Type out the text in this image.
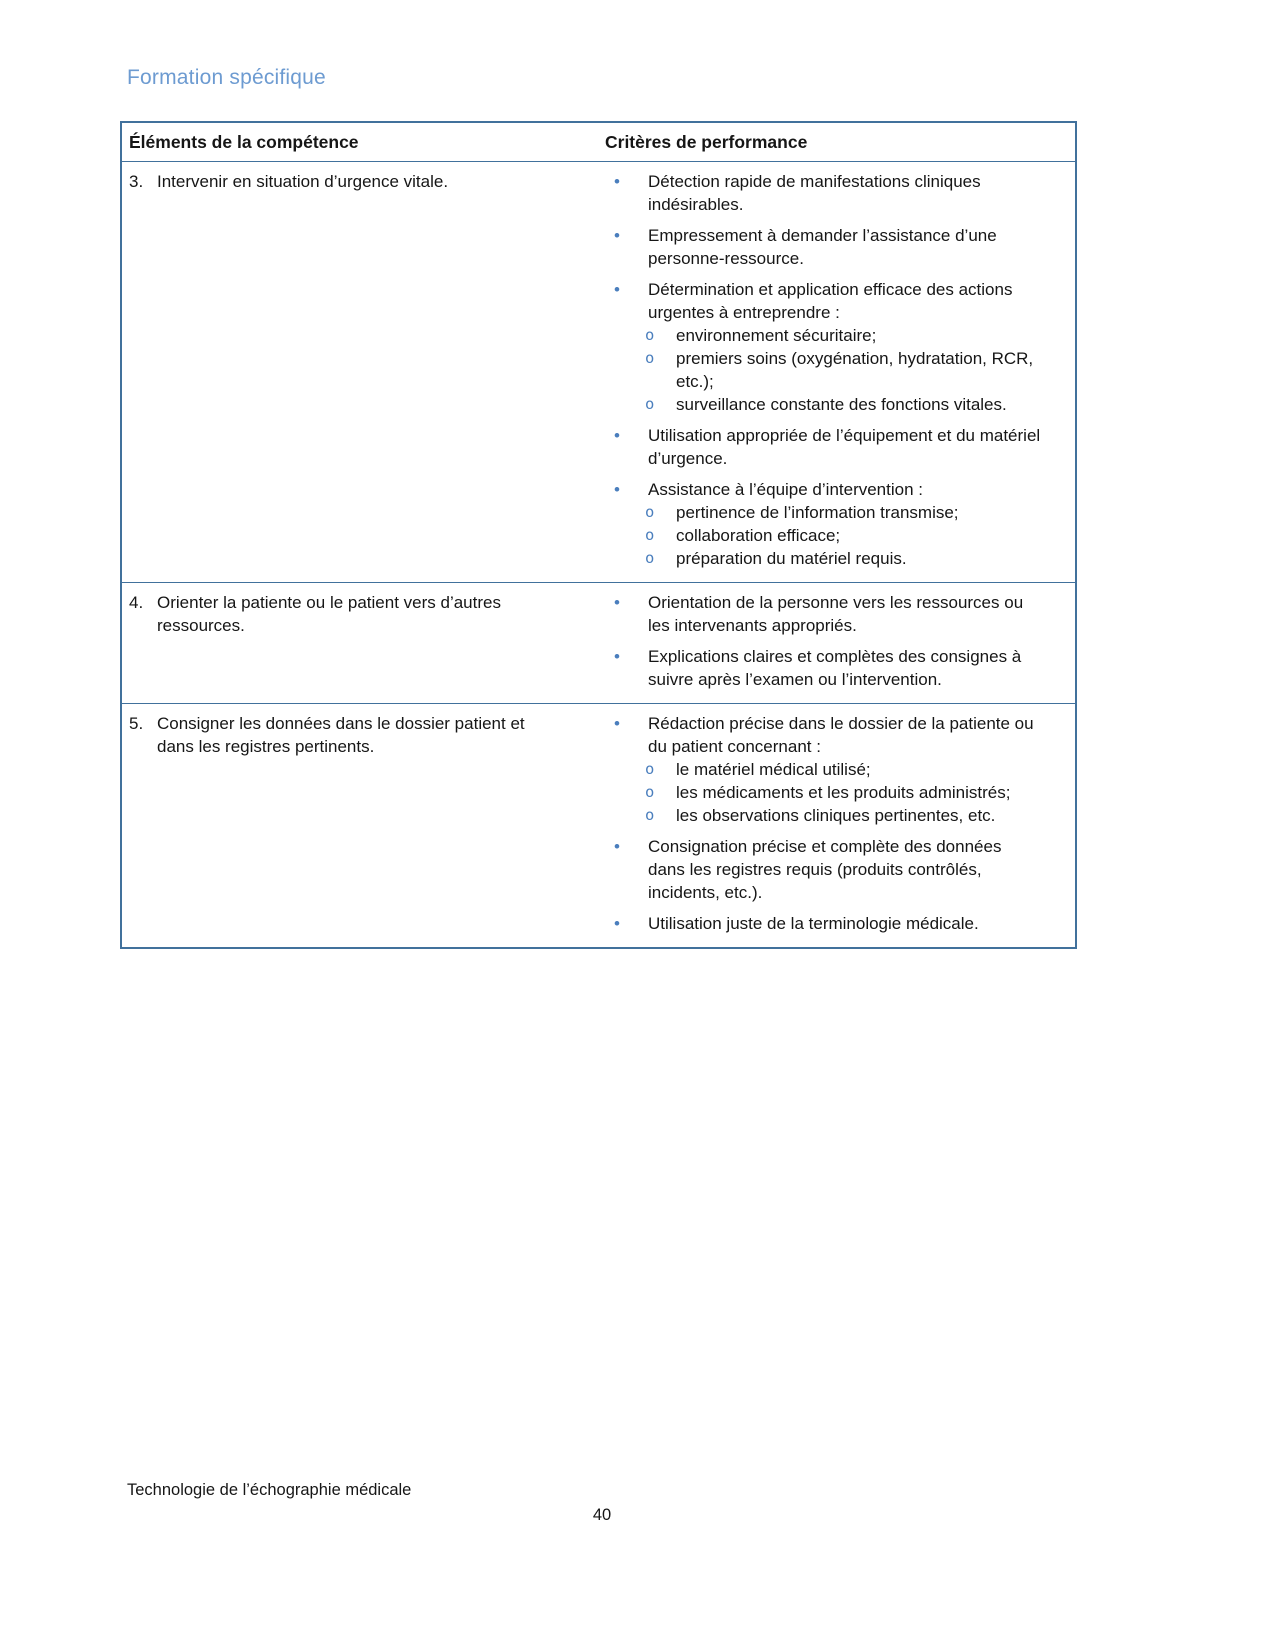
Formation spécifique
Éléments de la compétence	Critères de performance
3. Intervenir en situation d’urgence vitale.	•	Détection rapide de manifestations cliniques indésirables.
•	Empressement à demander l’assistance d’une personne-ressource.
•	Détermination et application efficace des actions urgentes à entreprendre :
o	environnement sécuritaire;
o	premiers soins (oxygénation, hydratation, RCR, etc.);
o	surveillance constante des fonctions vitales.
•	Utilisation appropriée de l’équipement et du matériel d’urgence.
•	Assistance à l’équipe d’intervention :
o	pertinence de l’information transmise;
o	collaboration efficace;
o	préparation du matériel requis.
4. Orienter la patiente ou le patient vers d’autres ressources.
•	Orientation de la personne vers les ressources ou les intervenants appropriés.
•	Explications claires et complètes des consignes à suivre après l’examen ou l’intervention.
5. Consigner les données dans le dossier patient et dans les registres pertinents.
•	Rédaction précise dans le dossier de la patiente ou du patient concernant :
o	le matériel médical utilisé;
o	les médicaments et les produits administrés;
o	les observations cliniques pertinentes, etc.
•	Consignation précise et complète des données dans les registres requis (produits contrôlés, incidents, etc.).
•	Utilisation juste de la terminologie médicale.
Technologie de l’échographie médicale
40
